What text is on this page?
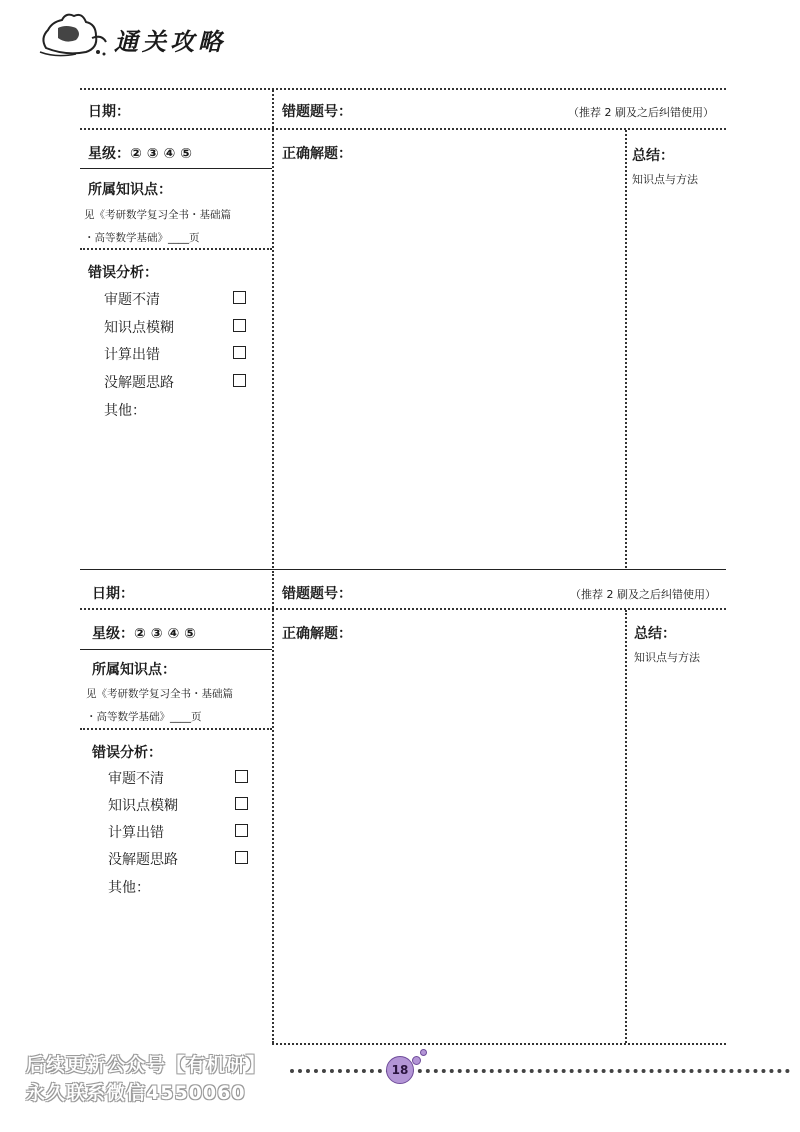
通关攻略
日期：	错题题号：	（推荐 2 刷及之后纠错使用）
星级：② ③ ④ ⑤	正确解题：	总结：
知识点与方法
所属知识点：
见《考研数学复习全书・基础篇
・高等数学基础》____页
错误分析：
审题不清
知识点模糊
计算出错
没解题思路
其他：
日期：	错题题号：	（推荐 2 刷及之后纠错使用）
星级：② ③ ④ ⑤	正确解题：	总结：
知识点与方法
所属知识点：
见《考研数学复习全书・基础篇
・高等数学基础》____页
错误分析：
审题不清
知识点模糊
计算出错
没解题思路
其他：
后续更新公众号【有机研】
永久联系微信4550060
18
